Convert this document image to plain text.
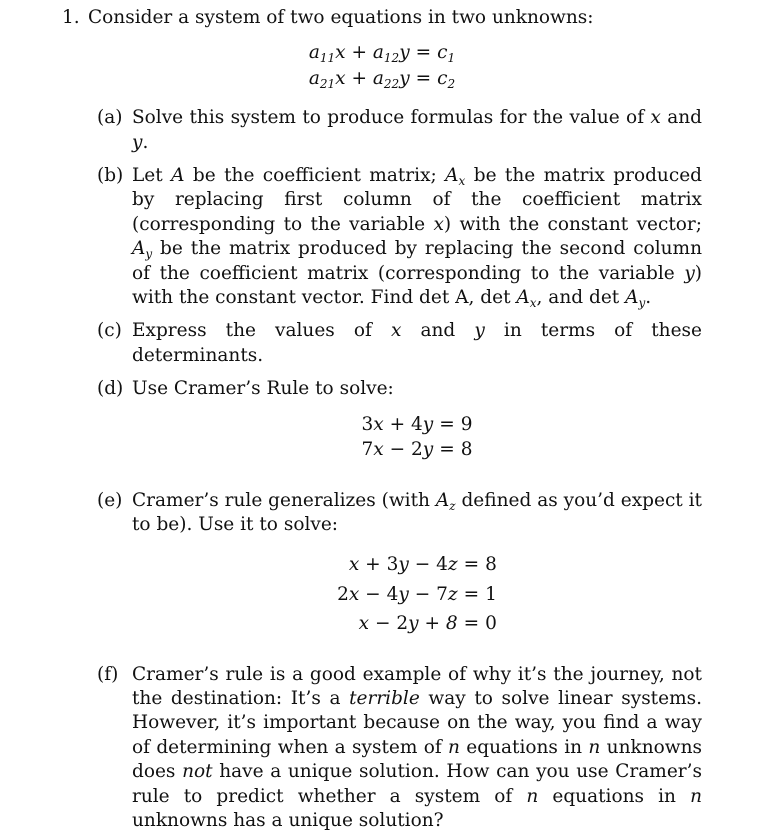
1. Consider a system of two equations in two unknowns:
$a_{11}x + a_{12}y = c_1$
$a_{21}x + a_{22}y = c_2$
(a) Solve this system to produce formulas for the value of x and y.
(b) Let A be the coefficient matrix; $A_x$ be the matrix produced by replacing first column of the coefficient matrix (corresponding to the variable x) with the constant vector; $A_y$ be the matrix produced by replacing the second column of the coefficient matrix (corresponding to the variable y) with the constant vector. Find det A, $\det A_x$, and $\det A_y$.
(c) Express the values of x and y in terms of these determinants.
(d) Use Cramer’s Rule to solve:
3x + 4y = 9
7x − 2y = 8
(e) Cramer’s rule generalizes (with $A_z$ defined as you’d expect it to be). Use it to solve:
x + 3y − 4z = 8
2x − 4y − 7z = 1
x − 2y + 8 = 0
(f) Cramer’s rule is a good example of why it’s the journey, not the destination: It’s a terrible way to solve linear systems. However, it’s important because on the way, you find a way of determining when a system of n equations in n unknowns does not have a unique solution. How can you use Cramer’s rule to predict whether a system of n equations in n unknowns has a unique solution?
